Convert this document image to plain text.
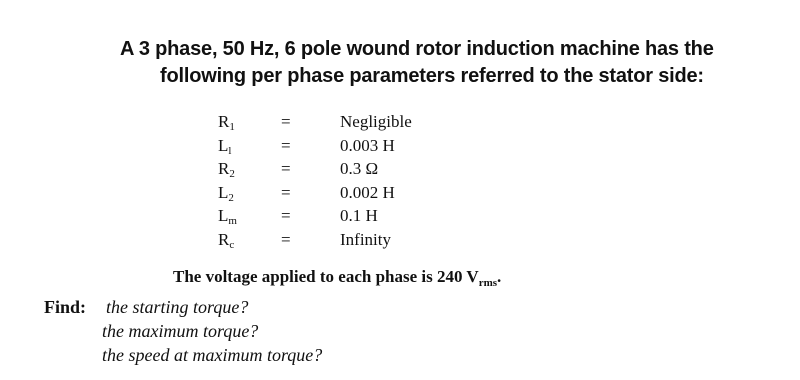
A 3 phase, 50 Hz, 6 pole wound rotor induction machine has the
following per phase parameters referred to the stator side:
$R_1$	=	Negligible
$L_l$	=	0.003 H
$R_2$	=	0.3 Ω
$L_2$	=	0.002 H
$L_m$	=	0.1 H
$R_c$	=	Infinity
The voltage applied to each phase is 240 $V_{rms}$.
Find: the starting torque?
the maximum torque?
the speed at maximum torque?
